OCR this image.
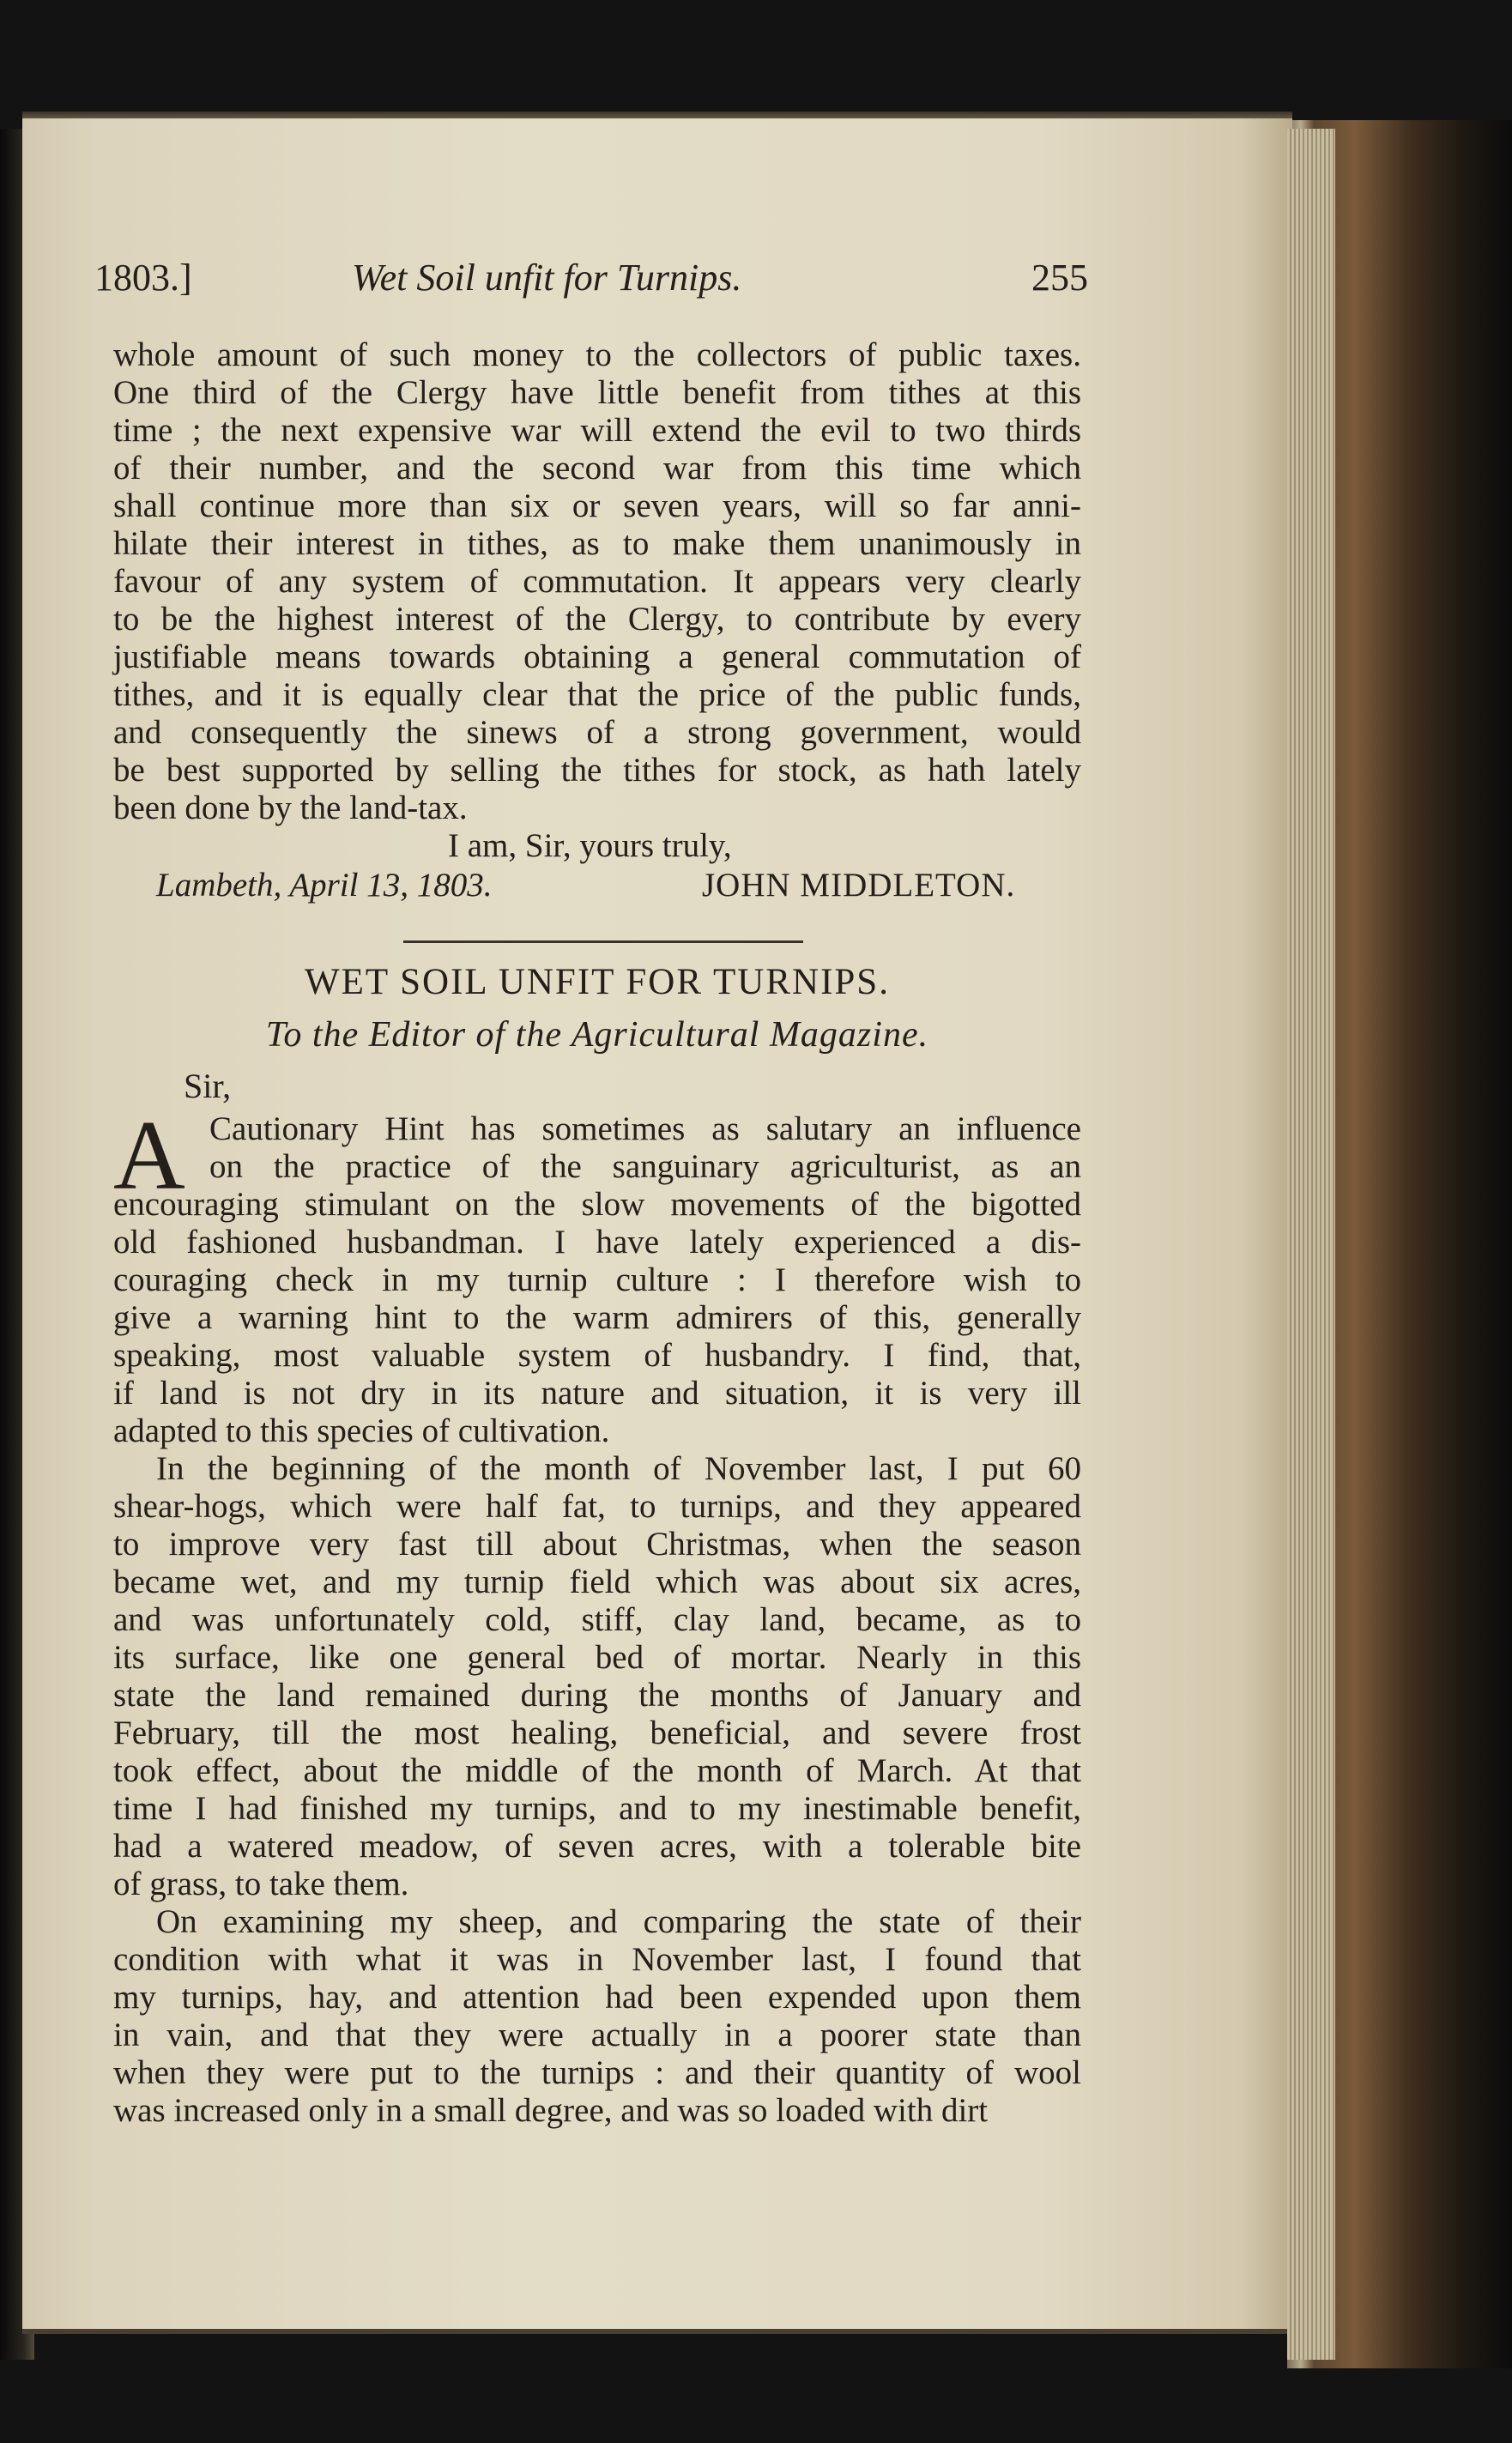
1803.]	Wet Soil unfit for Turnips.	255
whole amount of such money to the collectors of public taxes.
One third of the Clergy have little benefit from tithes at this
time ; the next expensive war will extend the evil to two thirds
of their number, and the second war from this time which
shall continue more than six or seven years, will so far anni-
hilate their interest in tithes, as to make them unanimously in
favour of any system of commutation. It appears very clearly
to be the highest interest of the Clergy, to contribute by every
justifiable means towards obtaining a general commutation of
tithes, and it is equally clear that the price of the public funds,
and consequently the sinews of a strong government, would
be best supported by selling the tithes for stock, as hath lately
been done by the land-tax.
I am, Sir, yours truly,
Lambeth, April 13, 1803.	JOHN MIDDLETON.
WET SOIL UNFIT FOR TURNIPS.
To the Editor of the Agricultural Magazine.
Sir,
A Cautionary Hint has sometimes as salutary an influence
on the practice of the sanguinary agriculturist, as an
encouraging stimulant on the slow movements of the bigotted
old fashioned husbandman. I have lately experienced a dis-
couraging check in my turnip culture : I therefore wish to
give a warning hint to the warm admirers of this, generally
speaking, most valuable system of husbandry. I find, that,
if land is not dry in its nature and situation, it is very ill
adapted to this species of cultivation.
In the beginning of the month of November last, I put 60
shear-hogs, which were half fat, to turnips, and they appeared
to improve very fast till about Christmas, when the season
became wet, and my turnip field which was about six acres,
and was unfortunately cold, stiff, clay land, became, as to
its surface, like one general bed of mortar. Nearly in this
state the land remained during the months of January and
February, till the most healing, beneficial, and severe frost
took effect, about the middle of the month of March. At that
time I had finished my turnips, and to my inestimable benefit,
had a watered meadow, of seven acres, with a tolerable bite
of grass, to take them.
On examining my sheep, and comparing the state of their
condition with what it was in November last, I found that
my turnips, hay, and attention had been expended upon them
in vain, and that they were actually in a poorer state than
when they were put to the turnips : and their quantity of wool
was increased only in a small degree, and was so loaded with dirt
